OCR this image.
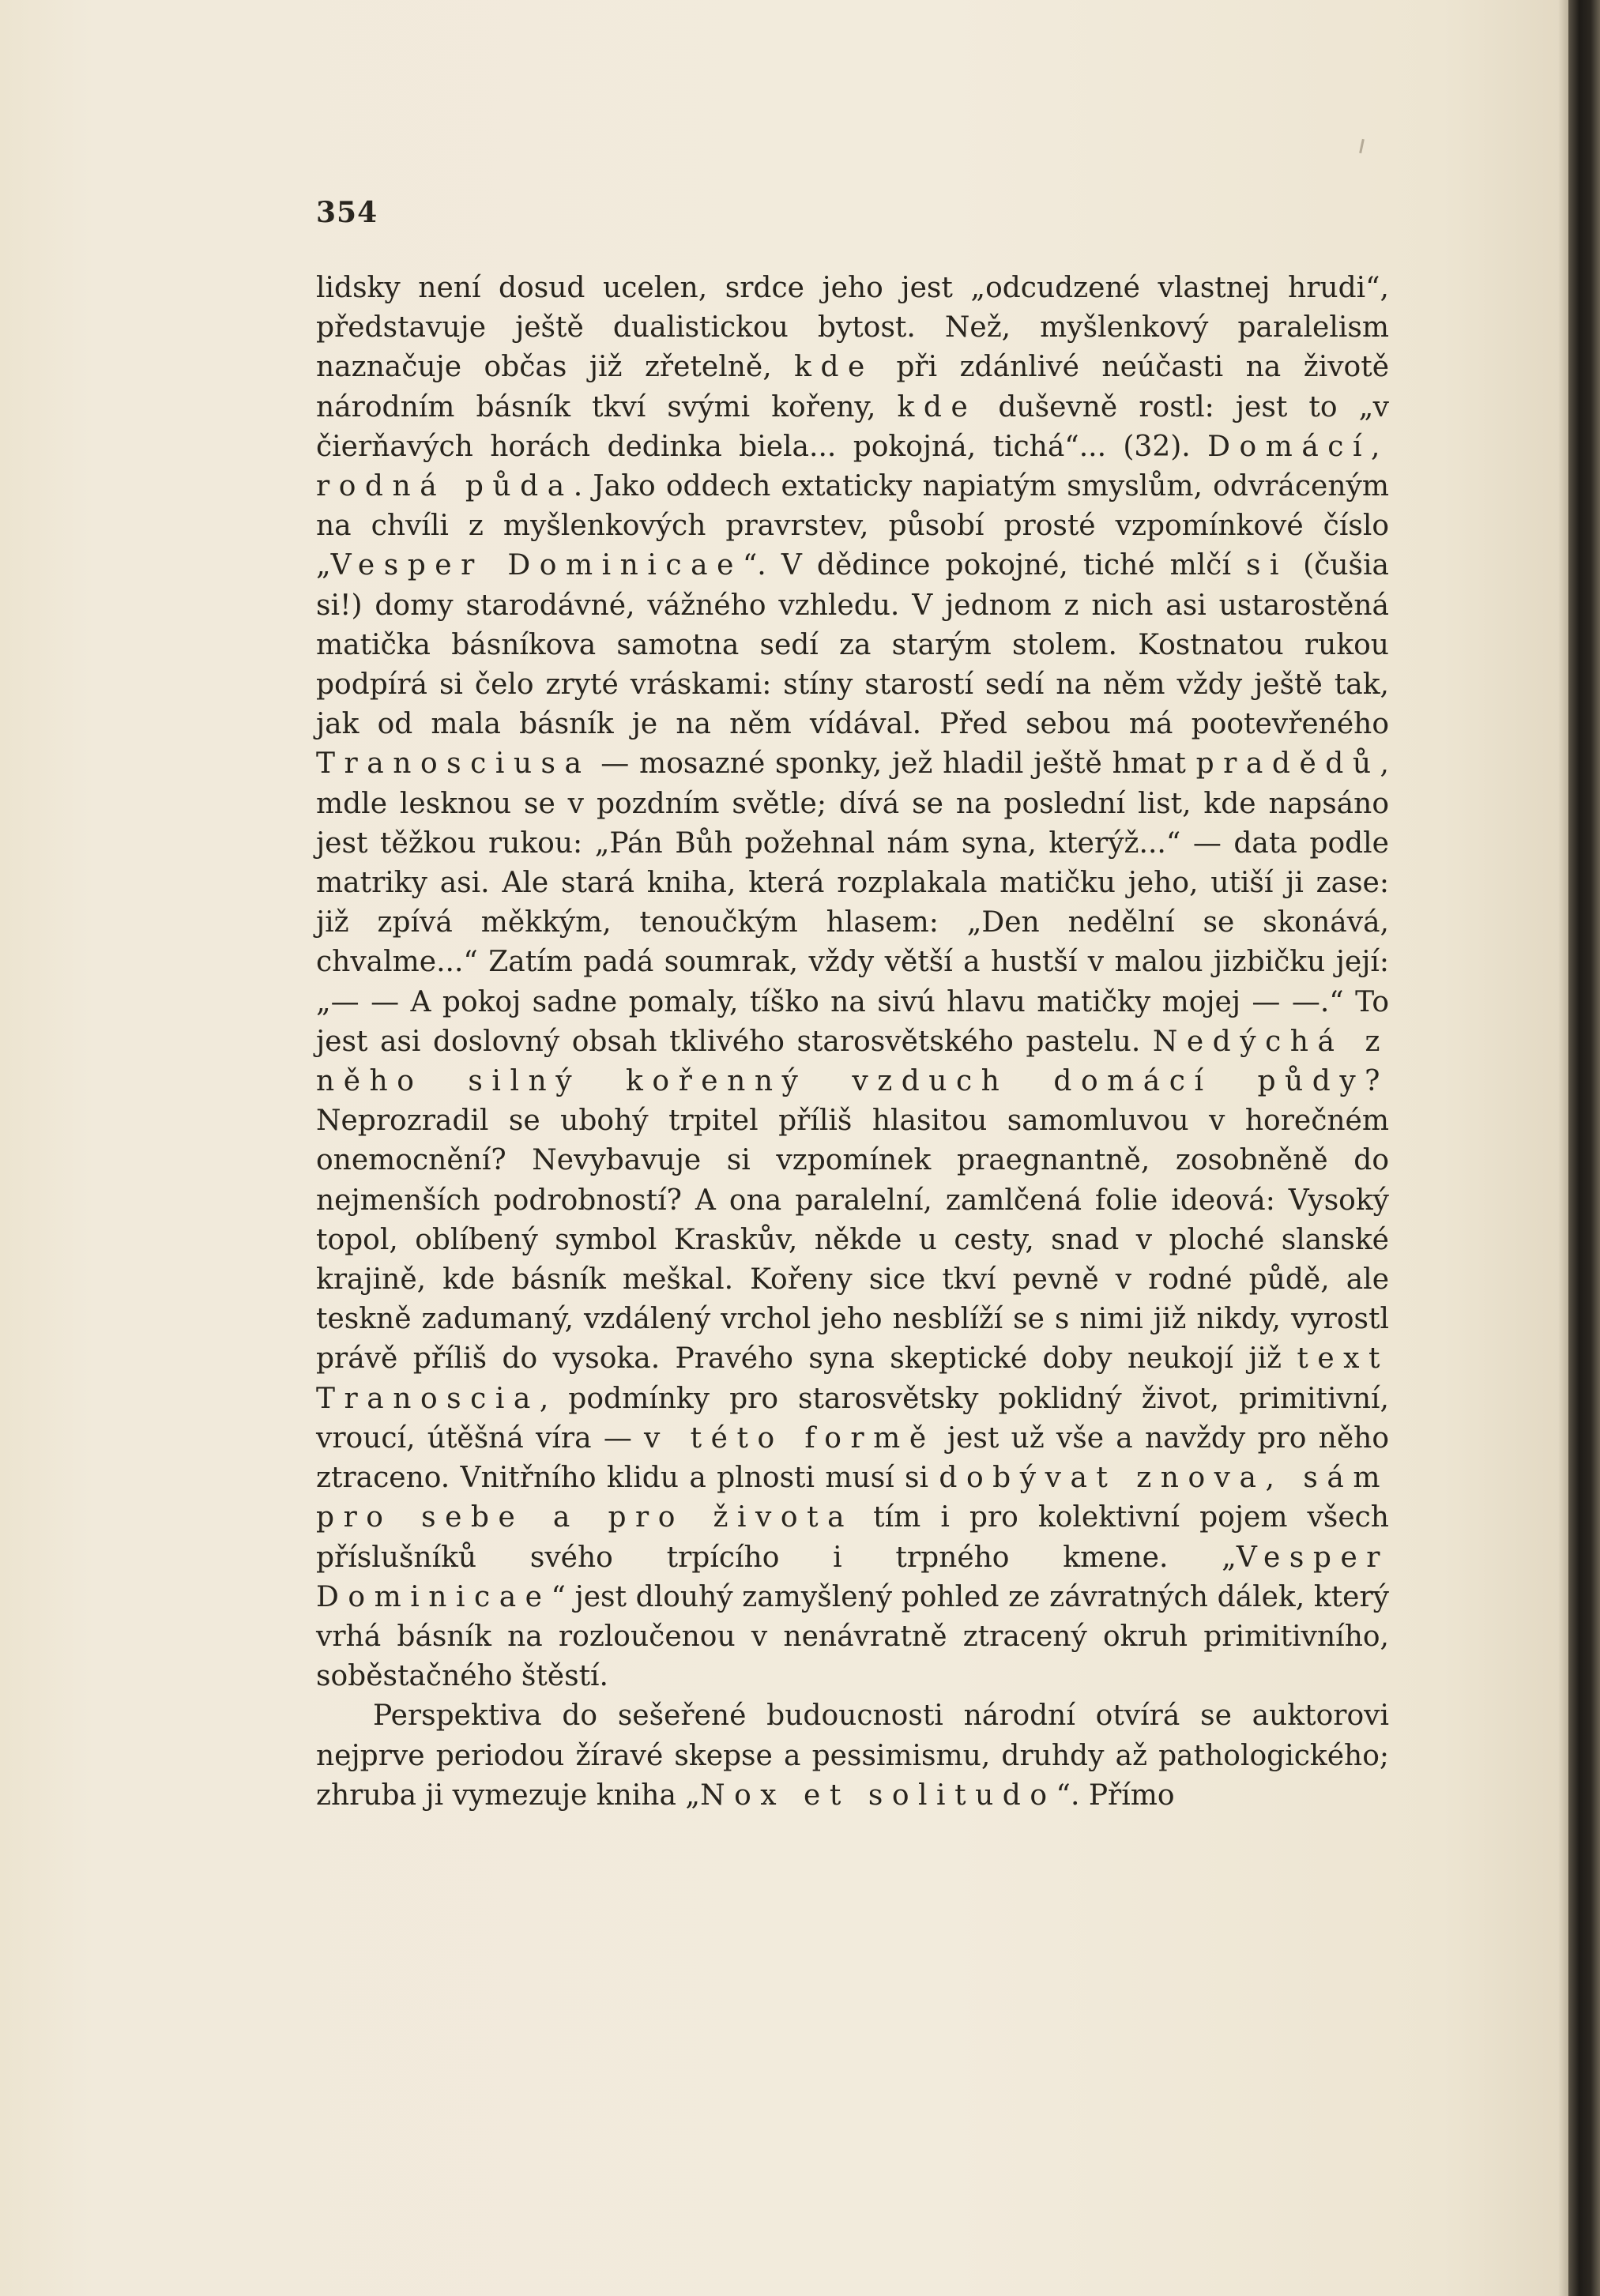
354

lidsky není dosud ucelen, srdce jeho jest „odcudzené vlastnej hrudi“, představuje ještě dualistickou bytost. Než, myšlenkový paralelism naznačuje občas již zřetelně, kde při zdánlivé neúčasti na životě národním básník tkví svými kořeny, kde duševně rostl: jest to „v čierňavých horách dedinka biela... pokojná, tichá“... (32). Domácí, rodná půda. Jako oddech extaticky napiatým smyslům, odvráceným na chvíli z myšlenkových pravrstev, působí prosté vzpomínkové číslo „Vesper Dominicae“. V dědince pokojné, tiché mlčí si (čušia si!) domy starodávné, vážného vzhledu. V jednom z nich asi ustarostěná matička básníkova samotna sedí za starým stolem. Kostnatou rukou podpírá si čelo zryté vráskami: stíny starostí sedí na něm vždy ještě tak, jak od mala básník je na něm vídával. Před sebou má pootevřeného Tranosciusa — mosazné sponky, jež hladil ještě hmat pradědů, mdle lesknou se v pozdním světle; dívá se na poslední list, kde napsáno jest těžkou rukou: „Pán Bůh požehnal nám syna, kterýž...“ — data podle matriky asi. Ale stará kniha, která rozplakala matičku jeho, utiší ji zase: již zpívá měkkým, tenoučkým hlasem: „Den nedělní se skonává, chvalme...“ Zatím padá soumrak, vždy větší a hustší v malou jizbičku její: „— — A pokoj sadne pomaly, tíško na sivú hlavu matičky mojej — —.“ To jest asi doslovný obsah tklivého starosvětského pastelu. Nedýchá z něho silný kořenný vzduch domácí půdy? Neprozradil se ubohý trpitel příliš hlasitou samomluvou v horečném onemocnění? Nevybavuje si vzpomínek praegnantně, zosobněně do nejmenších podrobností? A ona paralelní, zamlčená folie ideová: Vysoký topol, oblíbený symbol Kraskův, někde u cesty, snad v ploché slanské krajině, kde básník meškal. Kořeny sice tkví pevně v rodné půdě, ale teskně zadumaný, vzdálený vrchol jeho nesblíží se s nimi již nikdy, vyrostl právě příliš do vysoka. Pravého syna skeptické doby neukojí již text Tranoscia, podmínky pro starosvětsky poklidný život, primitivní, vroucí, útěšná víra — v této formě jest už vše a navždy pro něho ztraceno. Vnitřního klidu a plnosti musí si dobývat znova, sám pro sebe a pro života tím i pro kolektivní pojem všech příslušníků svého trpícího i trpného kmene. „Vesper Dominicae“ jest dlouhý zamyšlený pohled ze závratných dálek, který vrhá básník na rozloučenou v nenávratně ztracený okruh primitivního, soběstačného štěstí.

Perspektiva do sešeřené budoucnosti národní otvírá se auktorovi nejprve periodou žíravé skepse a pessimismu, druhdy až pathologického; zhruba ji vymezuje kniha „Nox et solitudo“. Přímo
